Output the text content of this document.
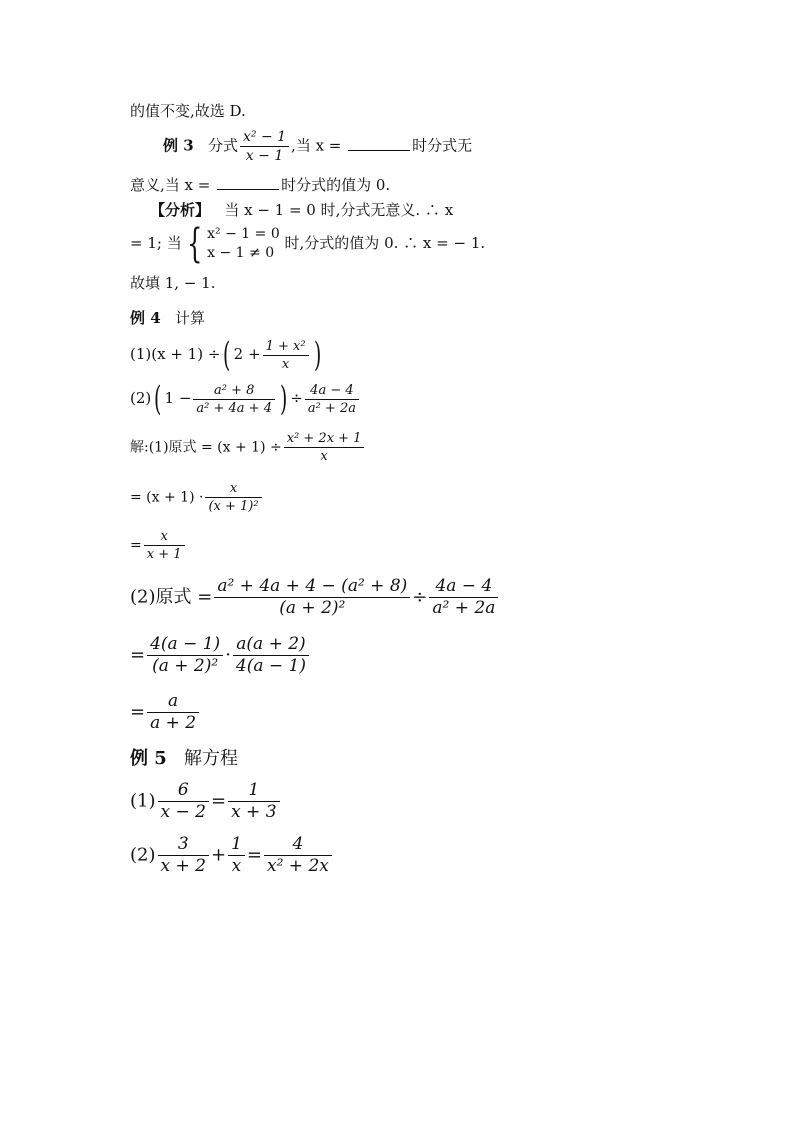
的值不变,故选 D.
例 3 分式 $\frac{\text{x² − 1}}{x - 1}$ ,当 x =	时分式无
意义,当 x =	时分式的值为 0.
【分析】 当 x − 1 = 0 时,分式无意义. ∴ x
= 1; 当 { x² − 1 = 0
x − 1 ≠ 0
时,分式的值为 0. ∴ x = − 1.
故填 1, − 1.
例 4 计算
(1)(x + 1) ÷( $2 + \frac{\text{1 + x²}}{x}$ )
(2)( $1 - \frac{\text{a² + 8}}{\text{a² + 4a + 4}}$ ) ÷ $\frac{4a - 4}{\text{a² + 2a}}$
解:(1)原式 = $(x + 1) \div \frac{\text{x² + 2x + 1}}{x}$
= $(x + 1) \cdot \frac{x}{\text{(x + 1)²}}$
= $\frac{x}{x + 1}$
(2)原式 = $\frac{\text{a² + 4a + 4 − (a² + 8)}}{\text{(a + 2)²}} \div \frac{4a - 4}{\text{a² + 2a}}$
= $\frac{4(a - 1)}{\text{(a + 2)²}} \cdot \frac{a(a + 2)}{4(a - 1)}$
= $\frac{a}{a + 2}$
例 5 解方程
$(1) \frac{6}{x - 2} = \frac{1}{x + 3}$
$(2) \frac{3}{x + 2} + \frac{1}{x} = \frac{4}{\text{x² + 2x}}$
